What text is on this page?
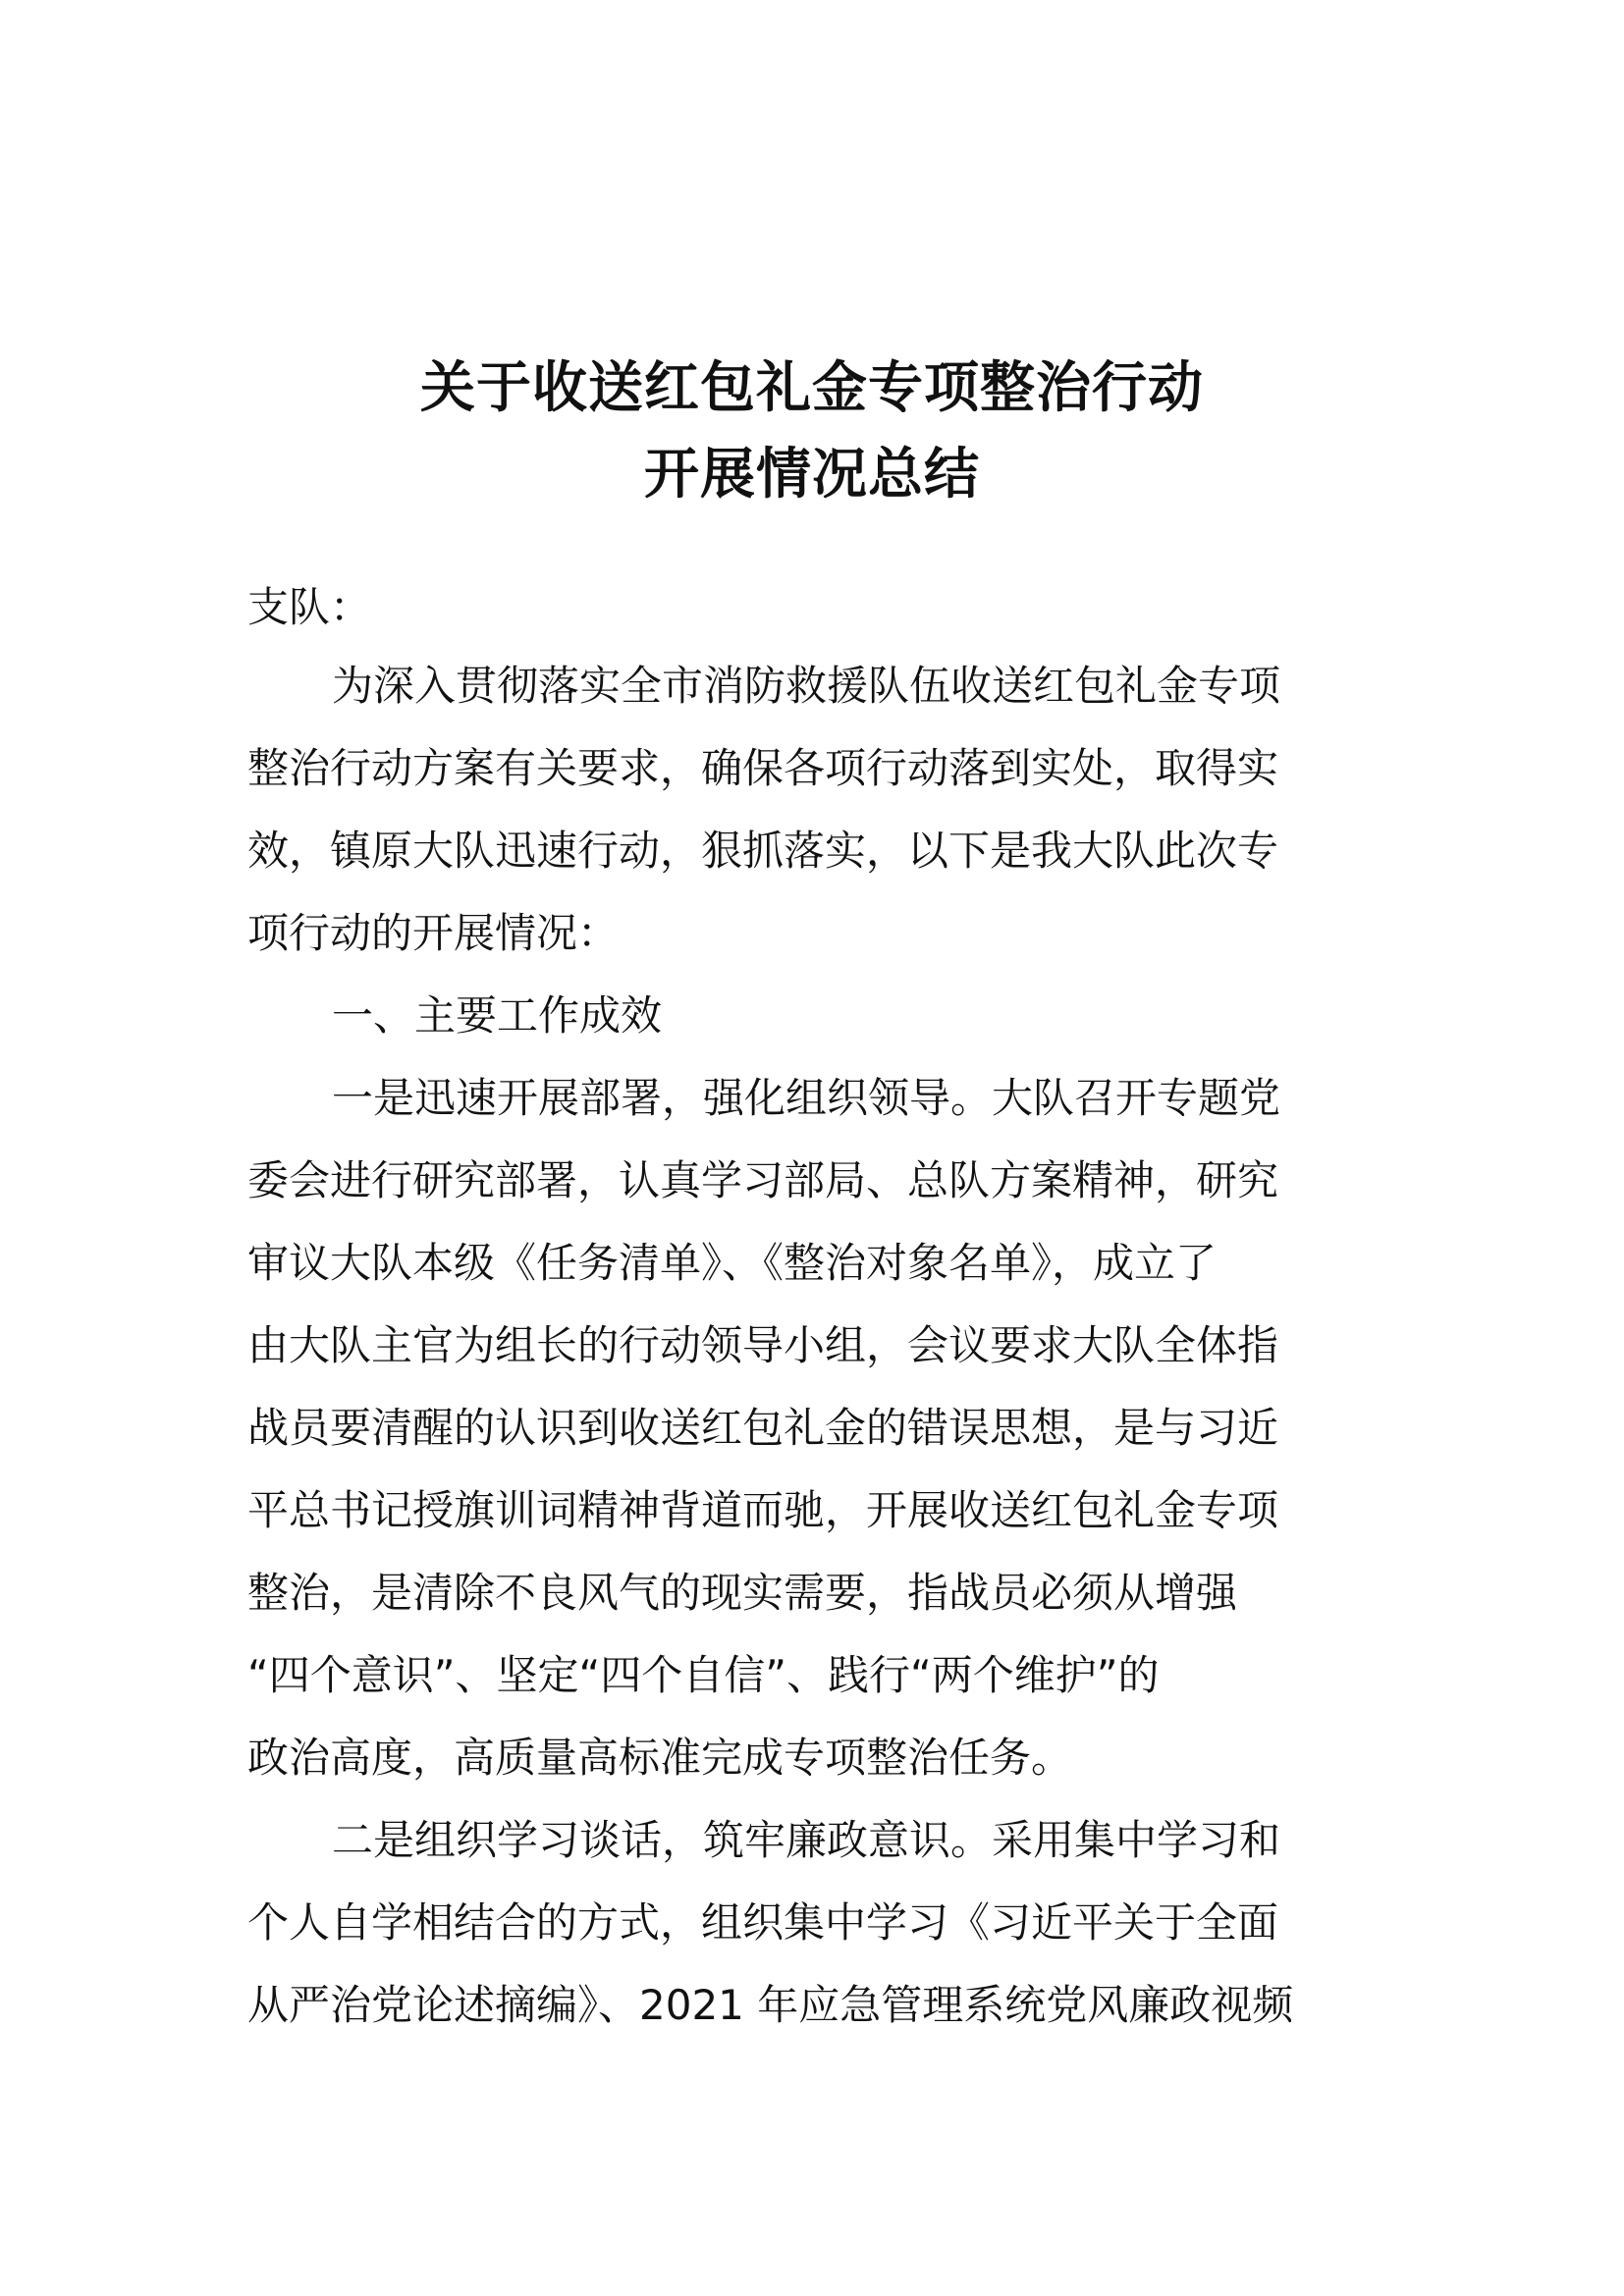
关于收送红包礼金专项整治行动
开展情况总结
支队：
为深入贯彻落实全市消防救援队伍收送红包礼金专项
整治行动方案有关要求，确保各项行动落到实处，取得实
效，镇原大队迅速行动，狠抓落实，以下是我大队此次专
项行动的开展情况：
一、主要工作成效
一是迅速开展部署，强化组织领导。大队召开专题党
委会进行研究部署，认真学习部局、总队方案精神，研究
审议大队本级《任务清单》、《整治对象名单》，成立了
由大队主官为组长的行动领导小组，会议要求大队全体指
战员要清醒的认识到收送红包礼金的错误思想，是与习近
平总书记授旗训词精神背道而驰，开展收送红包礼金专项
整治，是清除不良风气的现实需要，指战员必须从增强
“四个意识”、坚定“四个自信”、践行“两个维护”的
政治高度，高质量高标准完成专项整治任务。
二是组织学习谈话，筑牢廉政意识。采用集中学习和
个人自学相结合的方式，组织集中学习《习近平关于全面
从严治党论述摘编》、2021 年应急管理系统党风廉政视频
